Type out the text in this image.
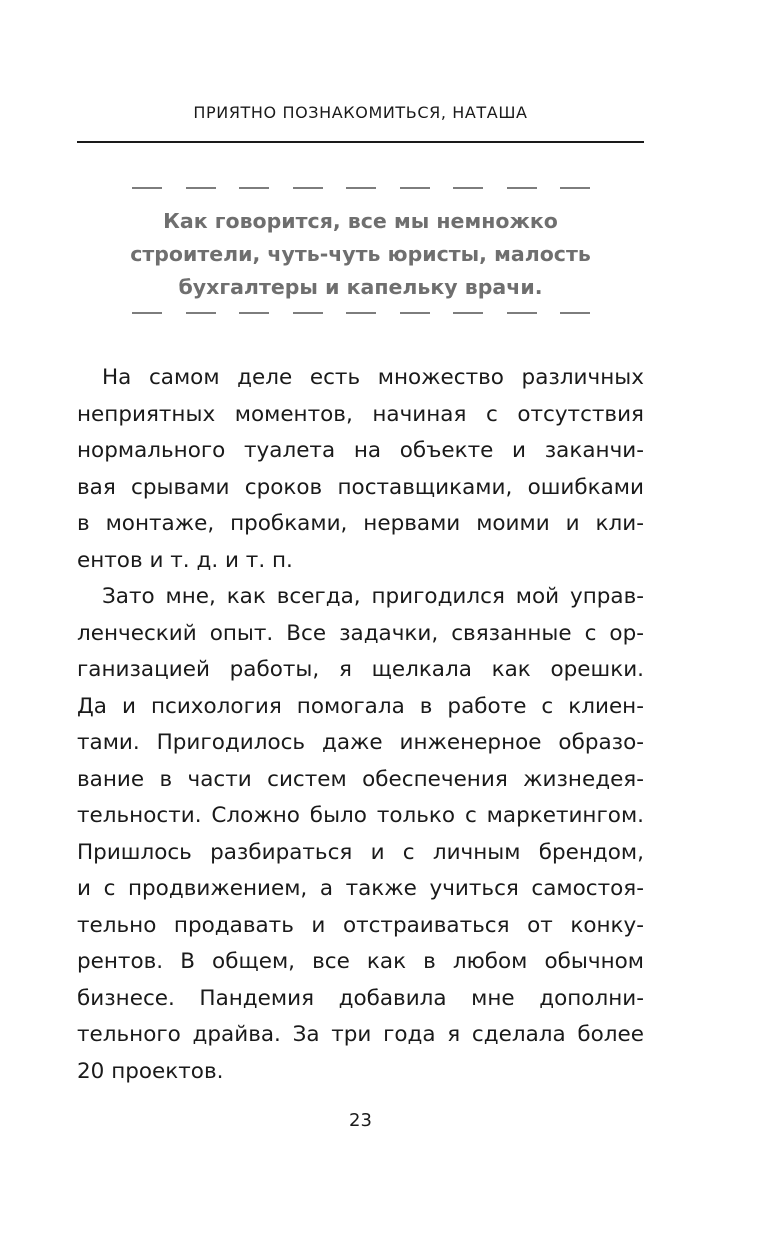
ПРИЯТНО ПОЗНАКОМИТЬСЯ, НАТАША
Как говорится, все мы немножко
строители, чуть-чуть юристы, малость
бухгалтеры и капельку врачи.
На самом деле есть множество различных
неприятных моментов, начиная с отсутствия
нормального туалета на объекте и заканчи-
вая срывами сроков поставщиками, ошибками
в монтаже, пробками, нервами моими и кли-
ентов и т. д. и т. п.
Зато мне, как всегда, пригодился мой управ-
ленческий опыт. Все задачки, связанные с ор-
ганизацией работы, я щелкала как орешки.
Да и психология помогала в работе с клиен-
тами. Пригодилось даже инженерное образо-
вание в части систем обеспечения жизнедея-
тельности. Сложно было только с маркетингом.
Пришлось разбираться и с личным брендом,
и с продвижением, а также учиться самостоя-
тельно продавать и отстраиваться от конку-
рентов. В общем, все как в любом обычном
бизнесе. Пандемия добавила мне дополни-
тельного драйва. За три года я сделала более
20 проектов.
23
